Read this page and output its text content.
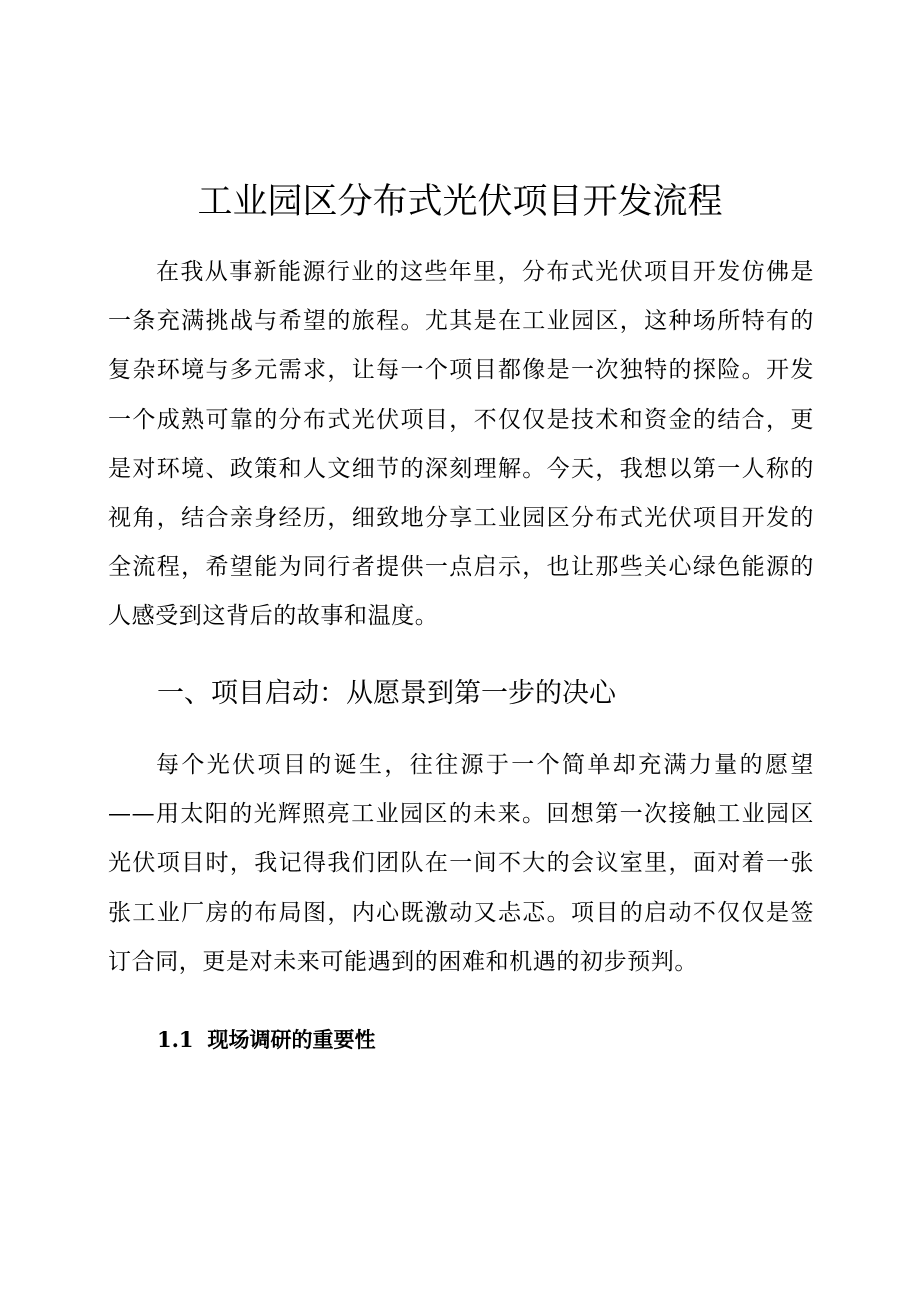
工业园区分布式光伏项目开发流程

在我从事新能源行业的这些年里，分布式光伏项目开发仿佛是一条充满挑战与希望的旅程。尤其是在工业园区，这种场所特有的复杂环境与多元需求，让每一个项目都像是一次独特的探险。开发一个成熟可靠的分布式光伏项目，不仅仅是技术和资金的结合，更是对环境、政策和人文细节的深刻理解。今天，我想以第一人称的视角，结合亲身经历，细致地分享工业园区分布式光伏项目开发的全流程，希望能为同行者提供一点启示，也让那些关心绿色能源的人感受到这背后的故事和温度。

一、项目启动：从愿景到第一步的决心

每个光伏项目的诞生，往往源于一个简单却充满力量的愿望——用太阳的光辉照亮工业园区的未来。回想第一次接触工业园区光伏项目时，我记得我们团队在一间不大的会议室里，面对着一张张工业厂房的布局图，内心既激动又忐忑。项目的启动不仅仅是签订合同，更是对未来可能遇到的困难和机遇的初步预判。

1.1 现场调研的重要性
